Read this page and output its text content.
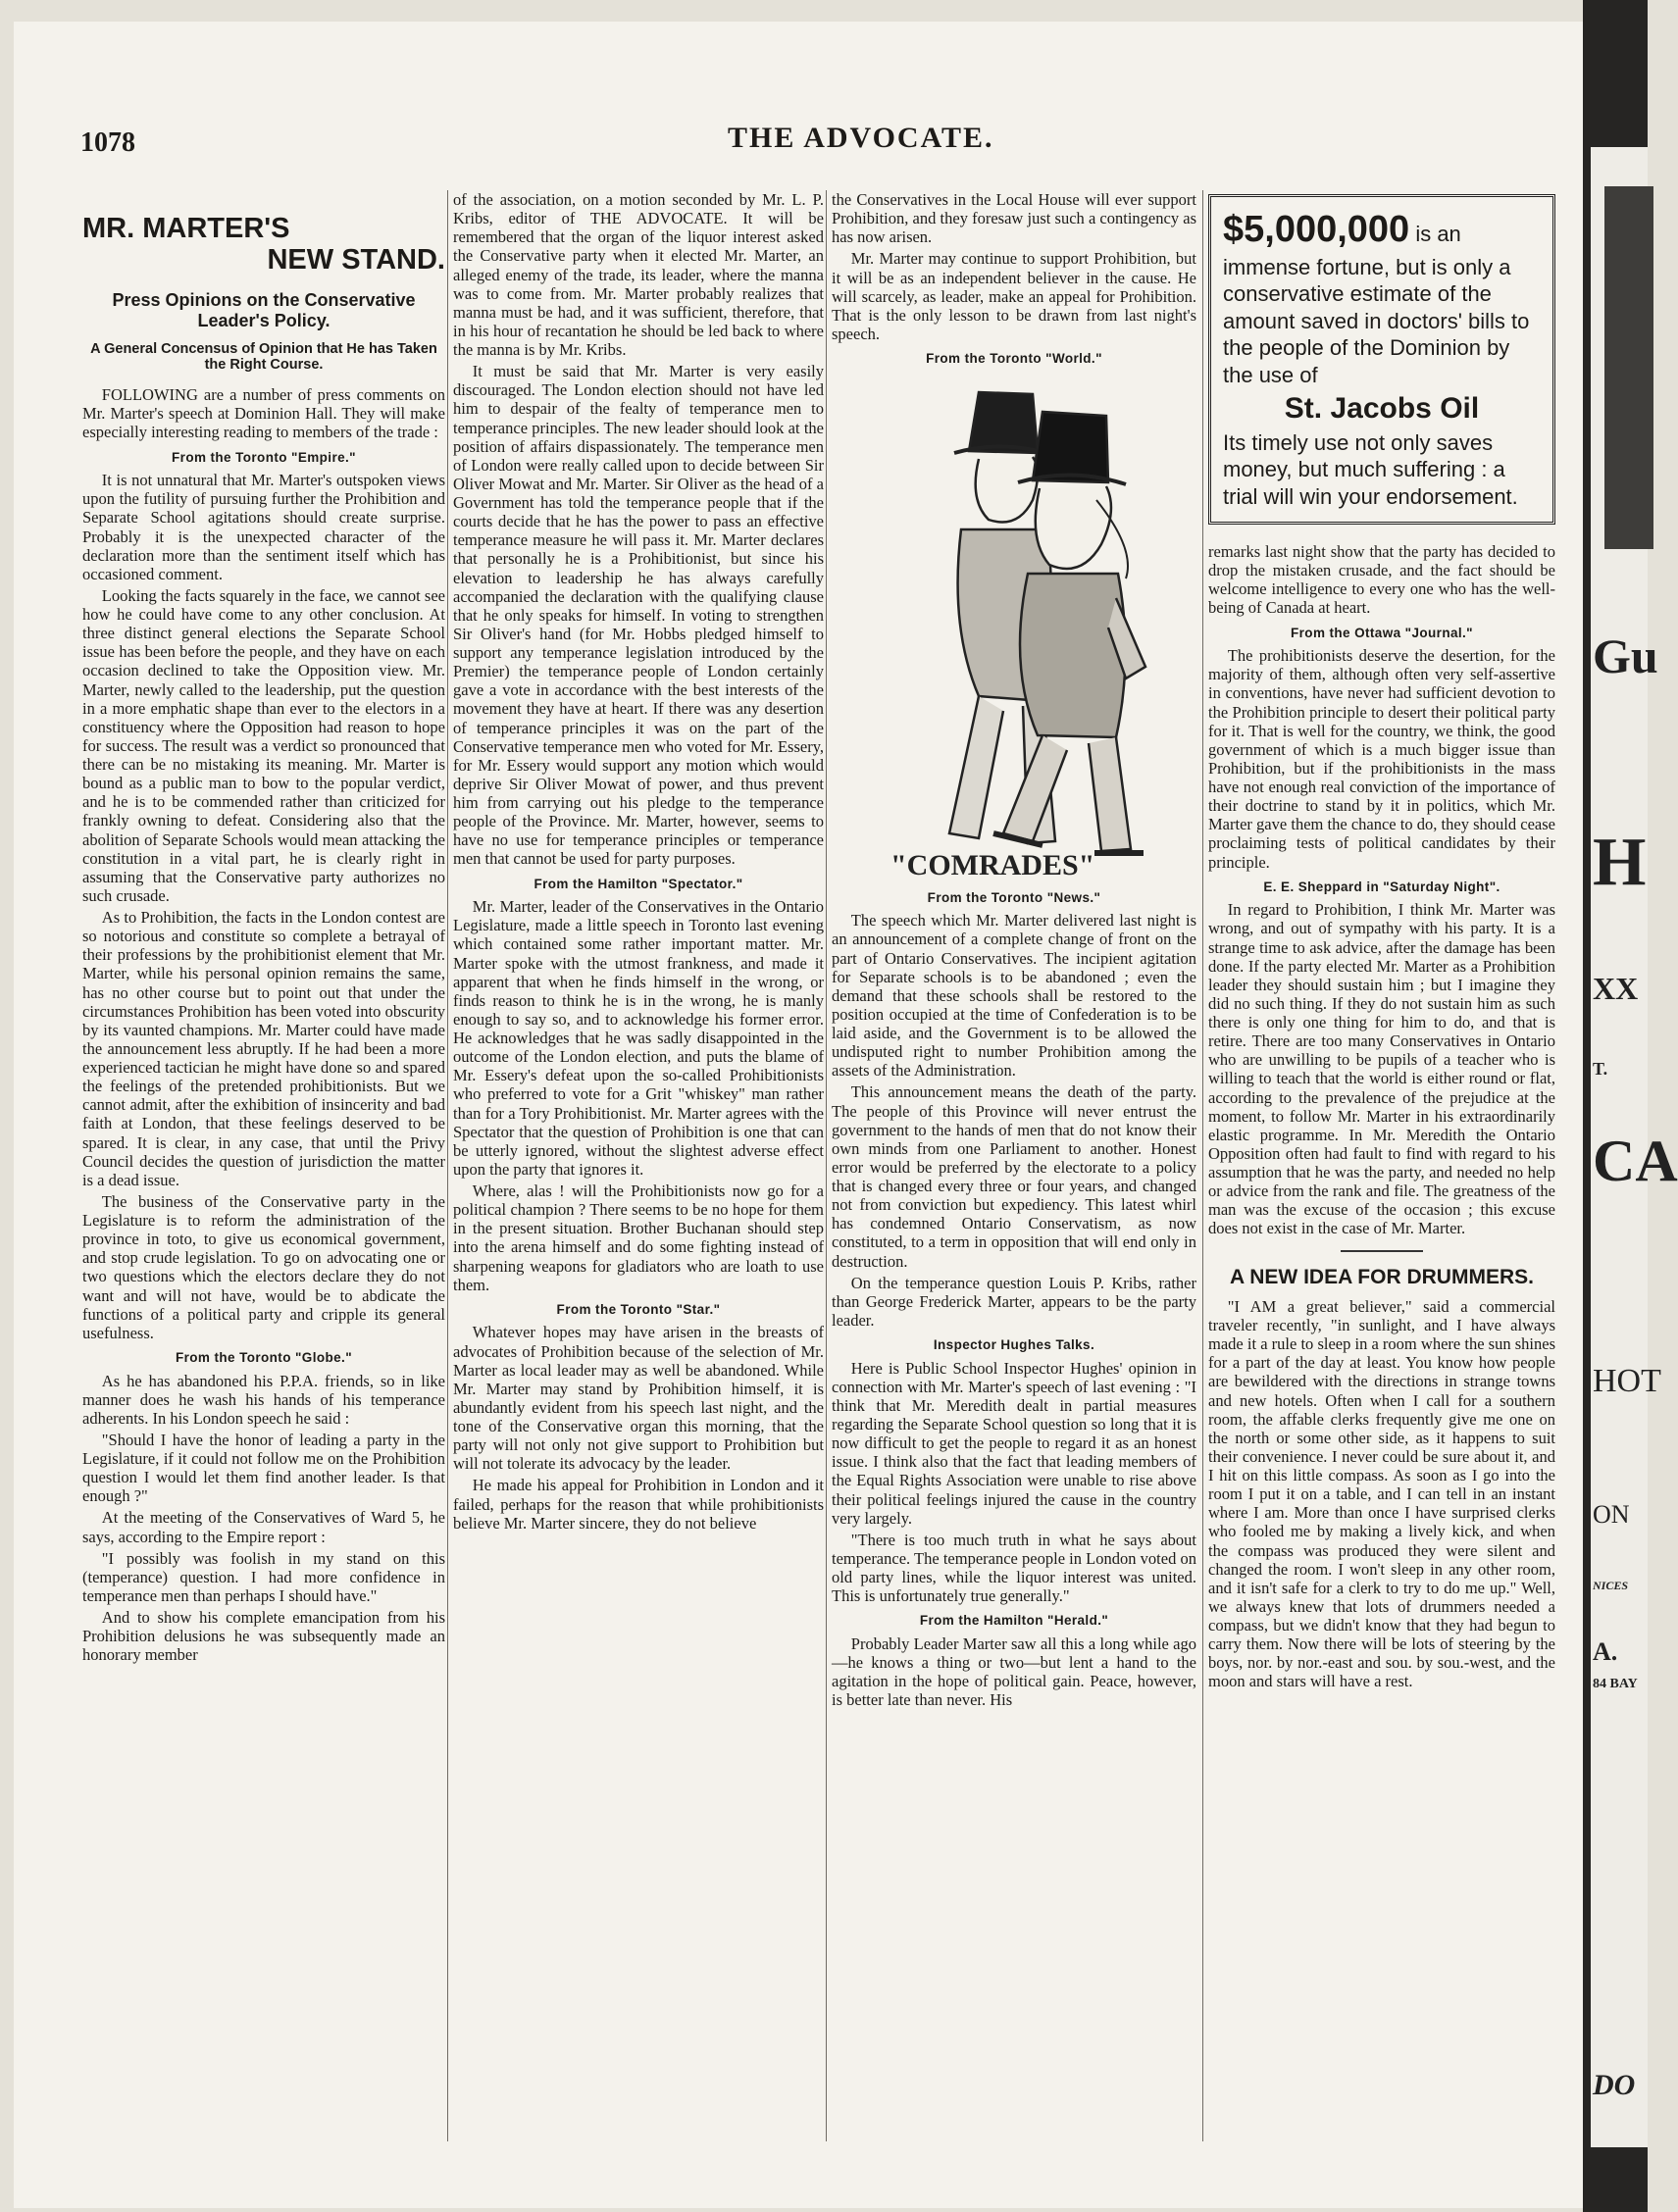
1078	THE ADVOCATE.
MR. MARTER'S
NEW STAND.
Press Opinions on the Conservative Leader's Policy.
A General Concensus of Opinion that He has Taken the Right Course.

FOLLOWING are a number of press comments on Mr. Marter's speech at Dominion Hall. They will make especially interesting reading to members of the trade :

From the Toronto "Empire."

It is not unnatural that Mr. Marter's outspoken views upon the futility of pursuing further the Prohibition and Separate School agitations should create surprise. Probably it is the unexpected character of the declaration more than the sentiment itself which has occasioned comment.

Looking the facts squarely in the face, we cannot see how he could have come to any other conclusion. At three distinct general elections the Separate School issue has been before the people, and they have on each occasion declined to take the Opposition view. Mr. Marter, newly called to the leadership, put the question in a more emphatic shape than ever to the electors in a constituency where the Opposition had reason to hope for success. The result was a verdict so pronounced that there can be no mistaking its meaning. Mr. Marter is bound as a public man to bow to the popular verdict, and he is to be commended rather than criticized for frankly owning to defeat. Considering also that the abolition of Separate Schools would mean attacking the constitution in a vital part, he is clearly right in assuming that the Conservative party authorizes no such crusade.

As to Prohibition, the facts in the London contest are so notorious and constitute so complete a betrayal of their professions by the prohibitionist element that Mr. Marter, while his personal opinion remains the same, has no other course but to point out that under the circumstances Prohibition has been voted into obscurity by its vaunted champions. Mr. Marter could have made the announcement less abruptly. If he had been a more experienced tactician he might have done so and spared the feelings of the pretended prohibitionists. But we cannot admit, after the exhibition of insincerity and bad faith at London, that these feelings deserved to be spared. It is clear, in any case, that until the Privy Council decides the question of jurisdiction the matter is a dead issue.

The business of the Conservative party in the Legislature is to reform the administration of the province in toto, to give us economical government, and stop crude legislation. To go on advocating one or two questions which the electors declare they do not want and will not have, would be to abdicate the functions of a political party and cripple its general usefulness.

From the Toronto "Globe."

As he has abandoned his P.P.A. friends, so in like manner does he wash his hands of his temperance adherents. In his London speech he said :

"Should I have the honor of leading a party in the Legislature, if it could not follow me on the Prohibition question I would let them find another leader. Is that enough ?"

At the meeting of the Conservatives of Ward 5, he says, according to the Empire report :

"I possibly was foolish in my stand on this (temperance) question. I had more confidence in temperance men than perhaps I should have."

And to show his complete emancipation from his Prohibition delusions he was subsequently made an honorary member

of the association, on a motion seconded by Mr. L. P. Kribs, editor of THE ADVOCATE. It will be remembered that the organ of the liquor interest asked the Conservative party when it elected Mr. Marter, an alleged enemy of the trade, its leader, where the manna was to come from. Mr. Marter probably realizes that manna must be had, and it was sufficient, therefore, that in his hour of recantation he should be led back to where the manna is by Mr. Kribs.

It must be said that Mr. Marter is very easily discouraged. The London election should not have led him to despair of the fealty of temperance men to temperance principles. The new leader should look at the position of affairs dispassionately. The temperance men of London were really called upon to decide between Sir Oliver Mowat and Mr. Marter. Sir Oliver as the head of a Government has told the temperance people that if the courts decide that he has the power to pass an effective temperance measure he will pass it. Mr. Marter declares that personally he is a Prohibitionist, but since his elevation to leadership he has always carefully accompanied the declaration with the qualifying clause that he only speaks for himself. In voting to strengthen Sir Oliver's hand (for Mr. Hobbs pledged himself to support any temperance legislation introduced by the Premier) the temperance people of London certainly gave a vote in accordance with the best interests of the movement they have at heart. If there was any desertion of temperance principles it was on the part of the Conservative temperance men who voted for Mr. Essery, for Mr. Essery would support any motion which would deprive Sir Oliver Mowat of power, and thus prevent him from carrying out his pledge to the temperance people of the Province. Mr. Marter, however, seems to have no use for temperance principles or temperance men that cannot be used for party purposes.

From the Hamilton "Spectator."

Mr. Marter, leader of the Conservatives in the Ontario Legislature, made a little speech in Toronto last evening which contained some rather important matter. Mr. Marter spoke with the utmost frankness, and made it apparent that when he finds himself in the wrong, or finds reason to think he is in the wrong, he is manly enough to say so, and to acknowledge his former error. He acknowledges that he was sadly disappointed in the outcome of the London election, and puts the blame of Mr. Essery's defeat upon the so-called Prohibitionists who preferred to vote for a Grit "whiskey" man rather than for a Tory Prohibitionist. Mr. Marter agrees with the Spectator that the question of Prohibition is one that can be utterly ignored, without the slightest adverse effect upon the party that ignores it.

Where, alas ! will the Prohibitionists now go for a political champion ? There seems to be no hope for them in the present situation. Brother Buchanan should step into the arena himself and do some fighting instead of sharpening weapons for gladiators who are loath to use them.

From the Toronto "Star."

Whatever hopes may have arisen in the breasts of advocates of Prohibition because of the selection of Mr. Marter as local leader may as well be abandoned. While Mr. Marter may stand by Prohibition himself, it is abundantly evident from his speech last night, and the tone of the Conservative organ this morning, that the party will not only not give support to Prohibition but will not tolerate its advocacy by the leader.

He made his appeal for Prohibition in London and it failed, perhaps for the reason that while prohibitionists believe Mr. Marter sincere, they do not believe

the Conservatives in the Local House will ever support Prohibition, and they foresaw just such a contingency as has now arisen.

Mr. Marter may continue to support Prohibition, but it will be as an independent believer in the cause. He will scarcely, as leader, make an appeal for Prohibition. That is the only lesson to be drawn from last night's speech.

From the Toronto "World."
"COMRADES"
From the Toronto "News."

The speech which Mr. Marter delivered last night is an announcement of a complete change of front on the part of Ontario Conservatives. The incipient agitation for Separate schools is to be abandoned ; even the demand that these schools shall be restored to the position occupied at the time of Confederation is to be laid aside, and the Government is to be allowed the undisputed right to number Prohibition among the assets of the Administration.

This announcement means the death of the party. The people of this Province will never entrust the government to the hands of men that do not know their own minds from one Parliament to another. Honest error would be preferred by the electorate to a policy that is changed every three or four years, and changed not from conviction but expediency. This latest whirl has condemned Ontario Conservatism, as now constituted, to a term in opposition that will end only in destruction.

On the temperance question Louis P. Kribs, rather than George Frederick Marter, appears to be the party leader.

Inspector Hughes Talks.

Here is Public School Inspector Hughes' opinion in connection with Mr. Marter's speech of last evening : "I think that Mr. Meredith dealt in partial measures regarding the Separate School question so long that it is now difficult to get the people to regard it as an honest issue. I think also that the fact that leading members of the Equal Rights Association were unable to rise above their political feelings injured the cause in the country very largely.

"There is too much truth in what he says about temperance. The temperance people in London voted on old party lines, while the liquor interest was united. This is unfortunately true generally."

From the Hamilton "Herald."

Probably Leader Marter saw all this a long while ago—he knows a thing or two—but lent a hand to the agitation in the hope of political gain. Peace, however, is better late than never. His

$5,000,000 is an immense fortune, but is only a conservative estimate of the amount saved in doctors' bills to the people of the Dominion by the use of
St. Jacobs Oil
Its timely use not only saves money, but much suffering : a trial will win your endorsement.

remarks last night show that the party has decided to drop the mistaken crusade, and the fact should be welcome intelligence to every one who has the well-being of Canada at heart.

From the Ottawa "Journal."

The prohibitionists deserve the desertion, for the majority of them, although often very self-assertive in conventions, have never had sufficient devotion to the Prohibition principle to desert their political party for it. That is well for the country, we think, the good government of which is a much bigger issue than Prohibition, but if the prohibitionists in the mass have not enough real conviction of the importance of their doctrine to stand by it in politics, which Mr. Marter gave them the chance to do, they should cease proclaiming tests of political candidates by their principle.

E. E. Sheppard in "Saturday Night".

In regard to Prohibition, I think Mr. Marter was wrong, and out of sympathy with his party. It is a strange time to ask advice, after the damage has been done. If the party elected Mr. Marter as a Prohibition leader they should sustain him ; but I imagine they did no such thing. If they do not sustain him as such there is only one thing for him to do, and that is retire. There are too many Conservatives in Ontario who are unwilling to be pupils of a teacher who is willing to teach that the world is either round or flat, according to the prevalence of the prejudice at the moment, to follow Mr. Marter in his extraordinarily elastic programme. In Mr. Meredith the Ontario Opposition often had fault to find with regard to his assumption that he was the party, and needed no help or advice from the rank and file. The greatness of the man was the excuse of the occasion ; this excuse does not exist in the case of Mr. Marter.

A NEW IDEA FOR DRUMMERS.

"I AM a great believer," said a commercial traveler recently, "in sunlight, and I have always made it a rule to sleep in a room where the sun shines for a part of the day at least. You know how people are bewildered with the directions in strange towns and new hotels. Often when I call for a southern room, the affable clerks frequently give me one on the north or some other side, as it happens to suit their convenience. I never could be sure about it, and I hit on this little compass. As soon as I go into the room I put it on a table, and I can tell in an instant where I am. More than once I have surprised clerks who fooled me by making a lively kick, and when the compass was produced they were silent and changed the room. I won't sleep in any other room, and it isn't safe for a clerk to try to do me up." Well, we always knew that lots of drummers needed a compass, but we didn't know that they had begun to carry them. Now there will be lots of steering by the boys, nor. by nor.-east and sou. by sou.-west, and the moon and stars will have a rest.

Gu
H
XX
T.
CA
HOT
ON
NICES
A.
84 BAY
DO
